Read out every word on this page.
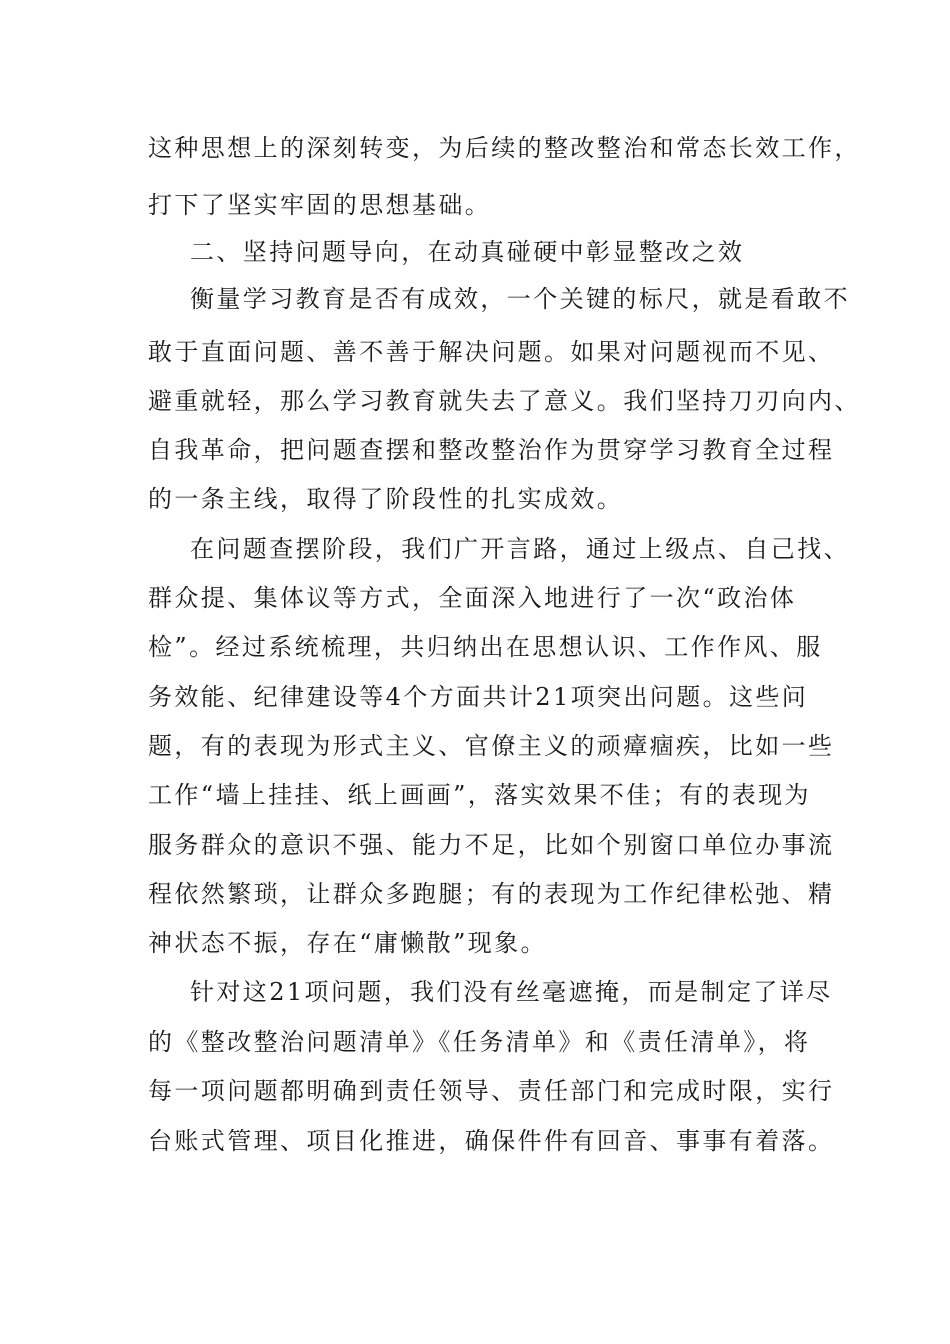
这种思想上的深刻转变，为后续的整改整治和常态长效工作，

打下了坚实牢固的思想基础。

二、坚持问题导向，在动真碰硬中彰显整改之效

衡量学习教育是否有成效，一个关键的标尺，就是看敢不

敢于直面问题、善不善于解决问题。如果对问题视而不见、

避重就轻，那么学习教育就失去了意义。我们坚持刀刃向内、

自我革命，把问题查摆和整改整治作为贯穿学习教育全过程

的一条主线，取得了阶段性的扎实成效。

在问题查摆阶段，我们广开言路，通过上级点、自己找、

群众提、集体议等方式，全面深入地进行了一次“政治体

检”。经过系统梳理，共归纳出在思想认识、工作作风、服

务效能、纪律建设等4个方面共计21项突出问题。这些问

题，有的表现为形式主义、官僚主义的顽瘴痼疾，比如一些

工作“墙上挂挂、纸上画画”，落实效果不佳；有的表现为

服务群众的意识不强、能力不足，比如个别窗口单位办事流

程依然繁琐，让群众多跑腿；有的表现为工作纪律松弛、精

神状态不振，存在“庸懒散”现象。

针对这21项问题，我们没有丝毫遮掩，而是制定了详尽

的《整改整治问题清单》《任务清单》和《责任清单》，将

每一项问题都明确到责任领导、责任部门和完成时限，实行

台账式管理、项目化推进，确保件件有回音、事事有着落。
